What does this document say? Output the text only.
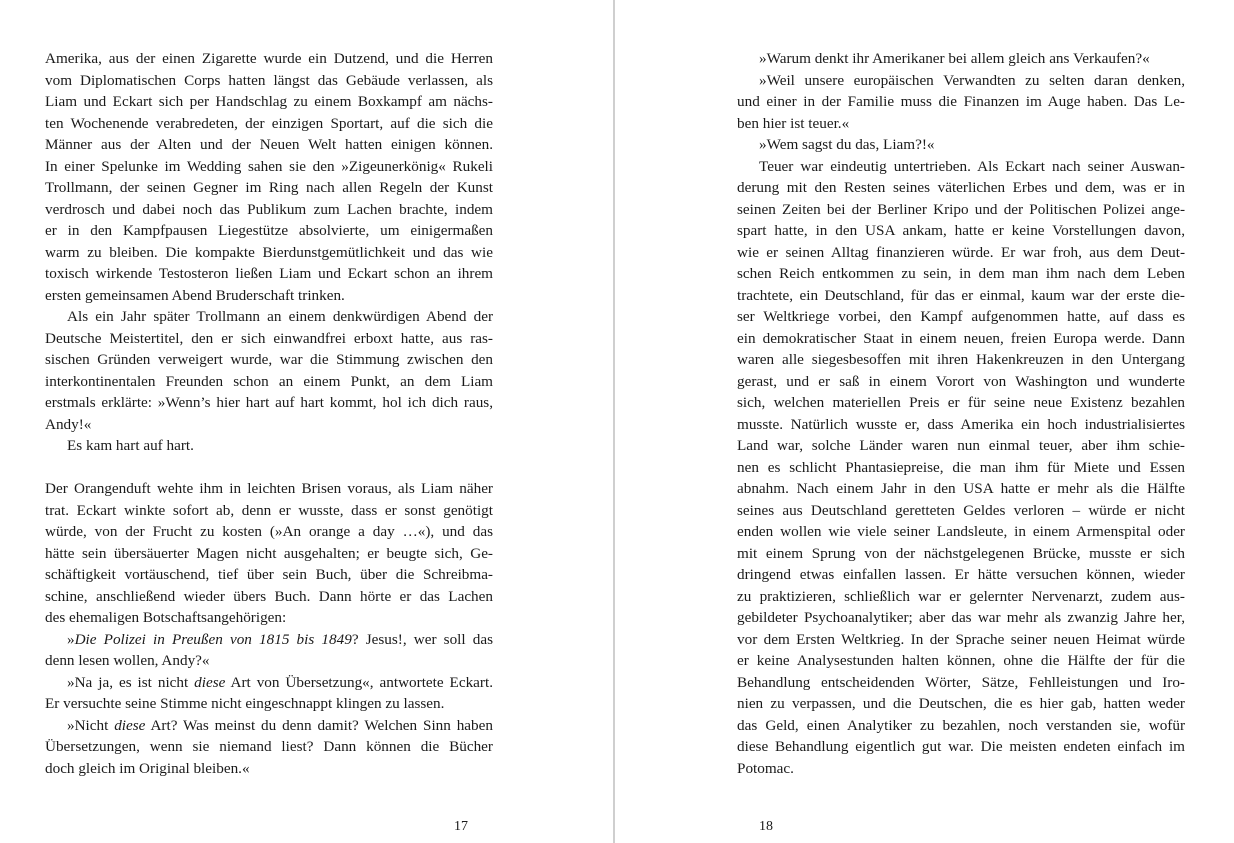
Amerika, aus der einen Zigarette wurde ein Dutzend, und die Herren
vom Diplomatischen Corps hatten längst das Gebäude verlassen, als
Liam und Eckart sich per Handschlag zu einem Boxkampf am nächs-
ten Wochenende verabredeten, der einzigen Sportart, auf die sich die
Männer aus der Alten und der Neuen Welt hatten einigen können.
In einer Spelunke im Wedding sahen sie den »Zigeunerkönig« Rukeli
Trollmann, der seinen Gegner im Ring nach allen Regeln der Kunst
verdrosch und dabei noch das Publikum zum Lachen brachte, indem
er in den Kampfpausen Liegestütze absolvierte, um einigermaßen
warm zu bleiben. Die kompakte Bierdunstgemütlichkeit und das wie
toxisch wirkende Testosteron ließen Liam und Eckart schon an ihrem
ersten gemeinsamen Abend Bruderschaft trinken.
Als ein Jahr später Trollmann an einem denkwürdigen Abend der
Deutsche Meistertitel, den er sich einwandfrei erboxt hatte, aus ras-
sischen Gründen verweigert wurde, war die Stimmung zwischen den
interkontinentalen Freunden schon an einem Punkt, an dem Liam
erstmals erklärte: »Wenn’s hier hart auf hart kommt, hol ich dich raus,
Andy!«
Es kam hart auf hart.
Der Orangenduft wehte ihm in leichten Brisen voraus, als Liam näher
trat. Eckart winkte sofort ab, denn er wusste, dass er sonst genötigt
würde, von der Frucht zu kosten (»An orange a day …«), und das
hätte sein übersäuerter Magen nicht ausgehalten; er beugte sich, Ge-
schäftigkeit vortäuschend, tief über sein Buch, über die Schreibma-
schine, anschließend wieder übers Buch. Dann hörte er das Lachen
des ehemaligen Botschaftsangehörigen:
»Die Polizei in Preußen von 1815 bis 1849? Jesus!, wer soll das
denn lesen wollen, Andy?«
»Na ja, es ist nicht diese Art von Übersetzung«, antwortete Eckart.
Er versuchte seine Stimme nicht eingeschnappt klingen zu lassen.
»Nicht diese Art? Was meinst du denn damit? Welchen Sinn haben
Übersetzungen, wenn sie niemand liest? Dann können die Bücher
doch gleich im Original bleiben.«
»Warum denkt ihr Amerikaner bei allem gleich ans Verkaufen?«
»Weil unsere europäischen Verwandten zu selten daran denken,
und einer in der Familie muss die Finanzen im Auge haben. Das Le-
ben hier ist teuer.«
»Wem sagst du das, Liam?!«
Teuer war eindeutig untertrieben. Als Eckart nach seiner Auswan-
derung mit den Resten seines väterlichen Erbes und dem, was er in
seinen Zeiten bei der Berliner Kripo und der Politischen Polizei ange-
spart hatte, in den USA ankam, hatte er keine Vorstellungen davon,
wie er seinen Alltag finanzieren würde. Er war froh, aus dem Deut-
schen Reich entkommen zu sein, in dem man ihm nach dem Leben
trachtete, ein Deutschland, für das er einmal, kaum war der erste die-
ser Weltkriege vorbei, den Kampf aufgenommen hatte, auf dass es
ein demokratischer Staat in einem neuen, freien Europa werde. Dann
waren alle siegesbesoffen mit ihren Hakenkreuzen in den Untergang
gerast, und er saß in einem Vorort von Washington und wunderte
sich, welchen materiellen Preis er für seine neue Existenz bezahlen
musste. Natürlich wusste er, dass Amerika ein hoch industrialisiertes
Land war, solche Länder waren nun einmal teuer, aber ihm schie-
nen es schlicht Phantasiepreise, die man ihm für Miete und Essen
abnahm. Nach einem Jahr in den USA hatte er mehr als die Hälfte
seines aus Deutschland geretteten Geldes verloren – würde er nicht
enden wollen wie viele seiner Landsleute, in einem Armenspital oder
mit einem Sprung von der nächstgelegenen Brücke, musste er sich
dringend etwas einfallen lassen. Er hätte versuchen können, wieder
zu praktizieren, schließlich war er gelernter Nervenarzt, zudem aus-
gebildeter Psychoanalytiker; aber das war mehr als zwanzig Jahre her,
vor dem Ersten Weltkrieg. In der Sprache seiner neuen Heimat würde
er keine Analysestunden halten können, ohne die Hälfte der für die
Behandlung entscheidenden Wörter, Sätze, Fehlleistungen und Iro-
nien zu verpassen, und die Deutschen, die es hier gab, hatten weder
das Geld, einen Analytiker zu bezahlen, noch verstanden sie, wofür
diese Behandlung eigentlich gut war. Die meisten endeten einfach im
Potomac.
17	18
